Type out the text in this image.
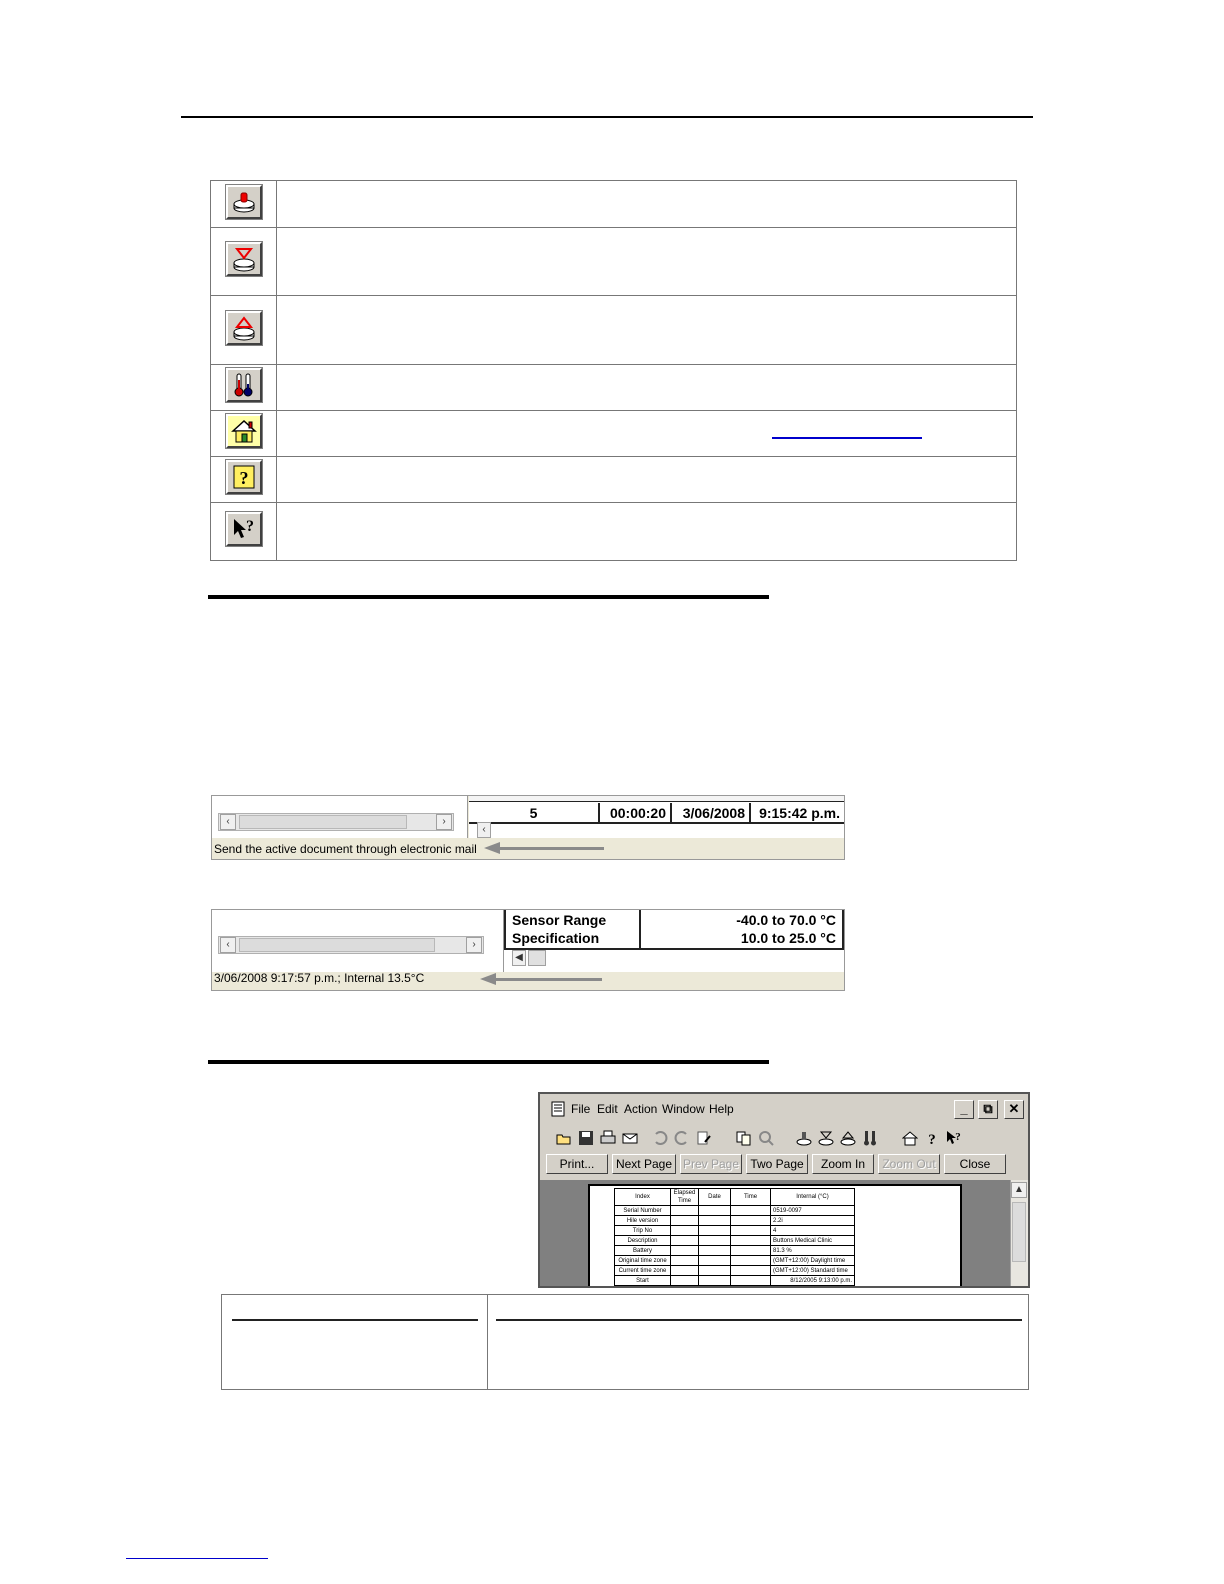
?	

?	

‹	›
5	00:00:20	3/06/2008	9:15:42 p.m.
‹
Send the active document through electronic mail
‹	›
Sensor Range	-40.0 to 70.0 °C
Specification	10.0 to 25.0 °C
◀
3/06/2008 9:17:57 p.m.; Internal 13.5°C
File Edit Action Window Help	_	⧉	✕
? ?
Print...	Next Page Prev Page Two Page	Zoom In	Zoom Out	Close
Index	Elapsed Time	Date	Time	Internal (°C)
Serial Number				0519-0097
Hile version				2.2i
Trip No				4
Description				Buttons Medical Clinic
Battery				81.3 %
Original time zone				(GMT+12:00) Daylight time
Current time zone				(GMT+12:00) Standard time
Start				8/12/2005 9:13:00 p.m.
▲
